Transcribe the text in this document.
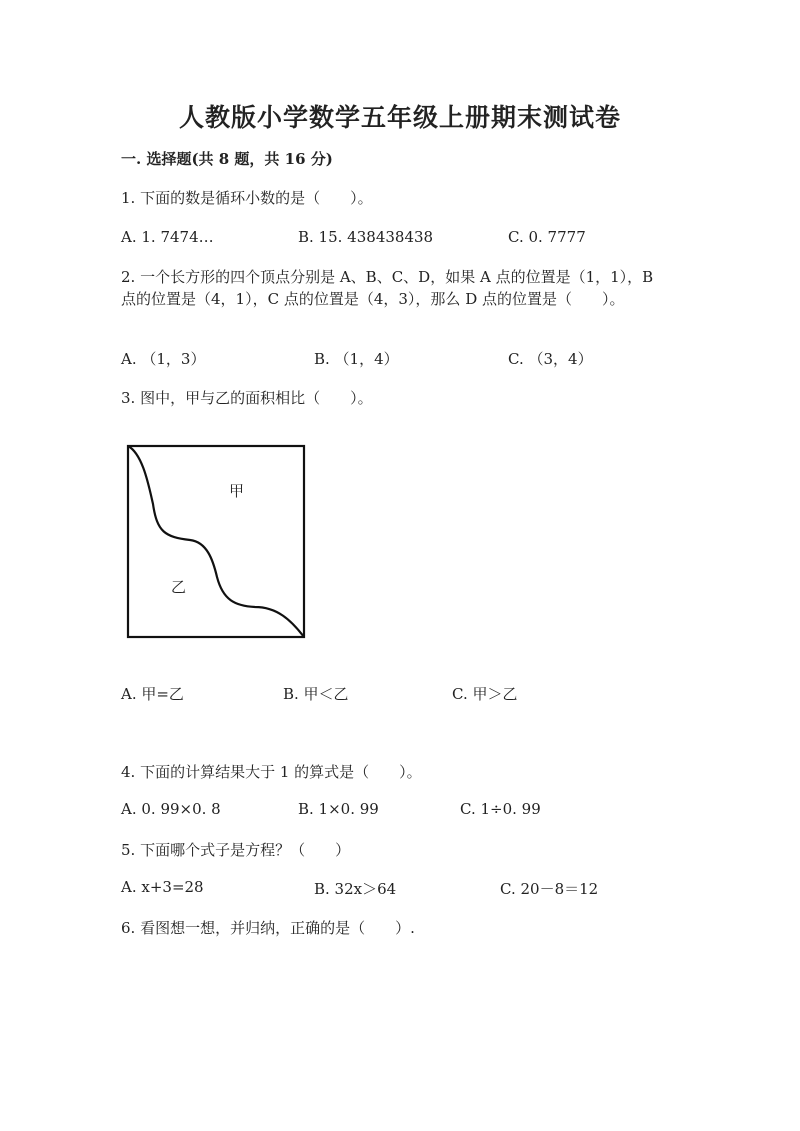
人教版小学数学五年级上册期末测试卷
一. 选择题(共 8 题，共 16 分)
1. 下面的数是循环小数的是（　　）。
A. 1. 7474…	B. 15. 438438438	C. 0. 7777
2. 一个长方形的四个顶点分别是 A、B、C、D，如果 A 点的位置是（1，1），B
点的位置是（4，1），C 点的位置是（4，3），那么 D 点的位置是（　　）。
A. （1，3）	B. （1，4）	C. （3，4）
3. 图中，甲与乙的面积相比（　　）。
甲
乙
A. 甲=乙	B. 甲＜乙	C. 甲＞乙
4. 下面的计算结果大于 1 的算式是（　　）。
A. 0. 99×0. 8	B. 1×0. 99	C. 1÷0. 99
5. 下面哪个式子是方程？（　　）
A. x+3=28	B. 32x＞64	C. 20－8＝12
6. 看图想一想，并归纳，正确的是（　　）.
